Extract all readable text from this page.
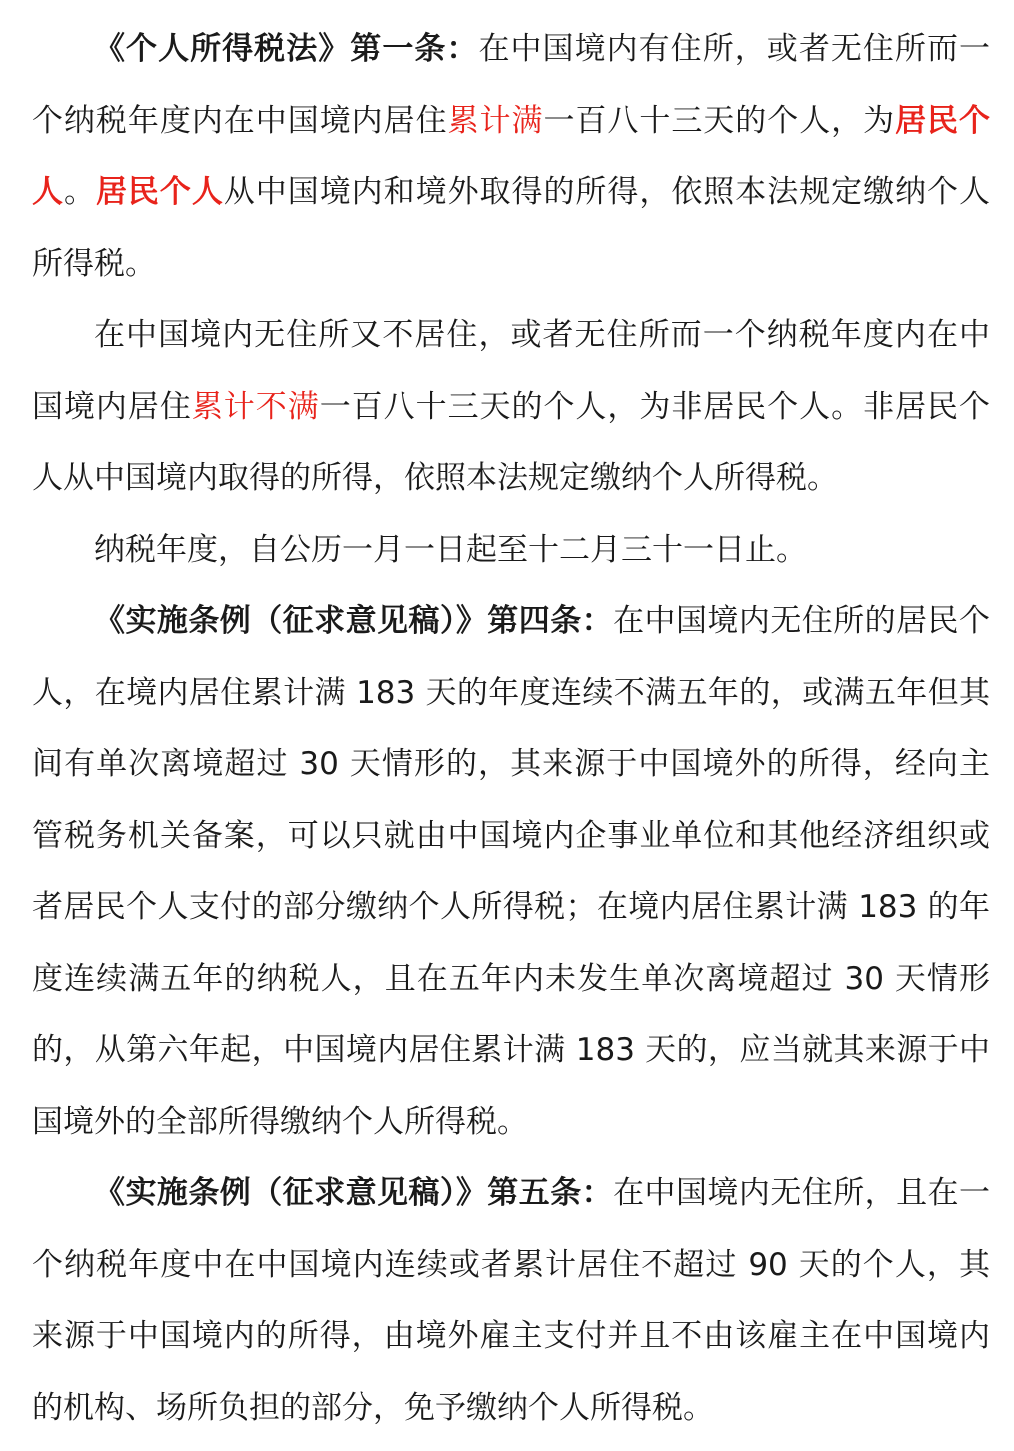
《个人所得税法》第一条：在中国境内有住所，或者无住所而一个纳税年度内在中国境内居住累计满一百八十三天的个人，为居民个人。居民个人从中国境内和境外取得的所得，依照本法规定缴纳个人所得税。

在中国境内无住所又不居住，或者无住所而一个纳税年度内在中国境内居住累计不满一百八十三天的个人，为非居民个人。非居民个人从中国境内取得的所得，依照本法规定缴纳个人所得税。

纳税年度，自公历一月一日起至十二月三十一日止。

《实施条例（征求意见稿）》第四条：在中国境内无住所的居民个人，在境内居住累计满 183 天的年度连续不满五年的，或满五年但其间有单次离境超过 30 天情形的，其来源于中国境外的所得，经向主管税务机关备案，可以只就由中国境内企事业单位和其他经济组织或者居民个人支付的部分缴纳个人所得税；在境内居住累计满 183 的年度连续满五年的纳税人，且在五年内未发生单次离境超过 30 天情形的，从第六年起，中国境内居住累计满 183 天的，应当就其来源于中国境外的全部所得缴纳个人所得税。

《实施条例（征求意见稿）》第五条：在中国境内无住所，且在一个纳税年度中在中国境内连续或者累计居住不超过 90 天的个人，其来源于中国境内的所得，由境外雇主支付并且不由该雇主在中国境内的机构、场所负担的部分，免予缴纳个人所得税。
